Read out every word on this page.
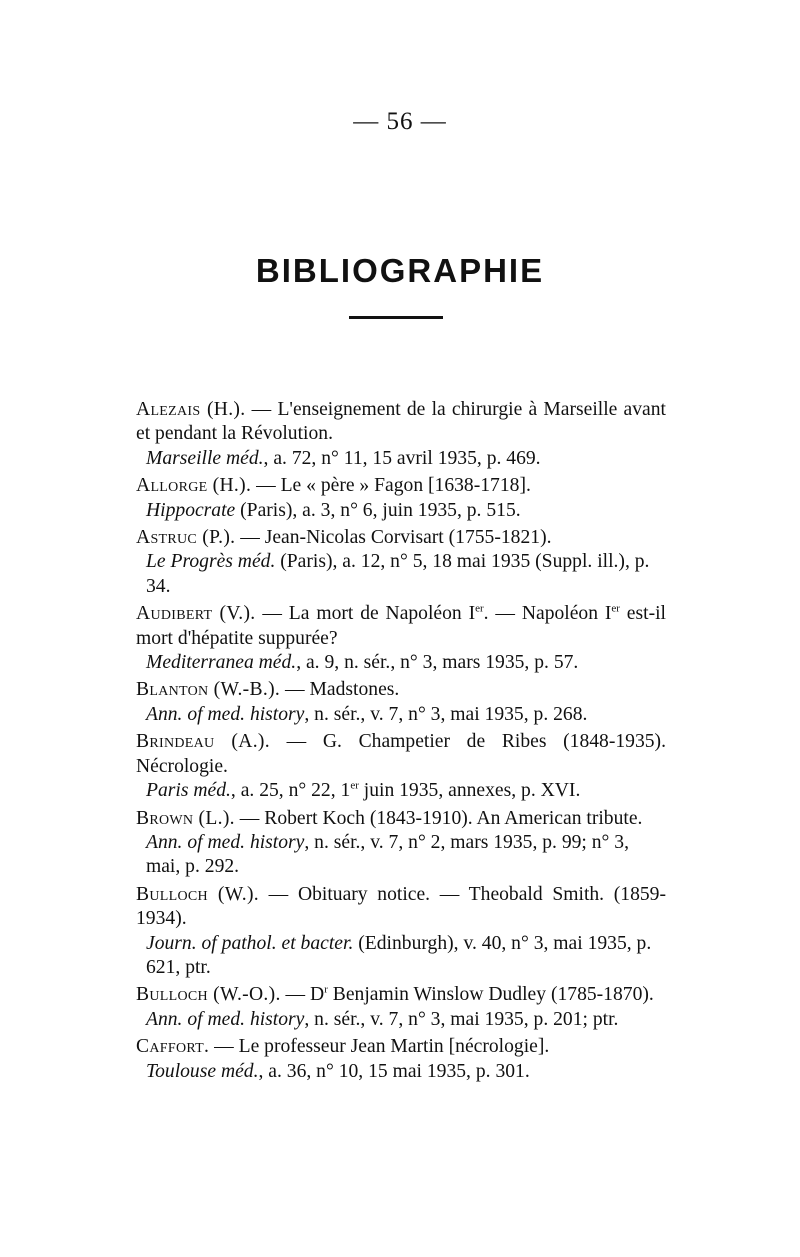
— 56 —
BIBLIOGRAPHIE

Alezais (H.). — L'enseignement de la chirurgie à Marseille avant et pendant la Révolution.

Marseille méd., a. 72, n° 11, 15 avril 1935, p. 469.

Allorge (H.). — Le « père » Fagon [1638-1718].

Hippocrate (Paris), a. 3, n° 6, juin 1935, p. 515.

Astruc (P.). — Jean-Nicolas Corvisart (1755-1821).

Le Progrès méd. (Paris), a. 12, n° 5, 18 mai 1935 (Suppl. ill.), p. 34.

Audibert (V.). — La mort de Napoléon Ier. — Napoléon Ier est-il mort d'hépatite suppurée?

Mediterranea méd., a. 9, n. sér., n° 3, mars 1935, p. 57.

Blanton (W.-B.). — Madstones.

Ann. of med. history, n. sér., v. 7, n° 3, mai 1935, p. 268.

Brindeau (A.). — G. Champetier de Ribes (1848-1935). Nécrologie.

Paris méd., a. 25, n° 22, 1er juin 1935, annexes, p. XVI.

Brown (L.). — Robert Koch (1843-1910). An American tribute.

Ann. of med. history, n. sér., v. 7, n° 2, mars 1935, p. 99; n° 3, mai, p. 292.

Bulloch (W.). — Obituary notice. — Theobald Smith. (1859-1934).

Journ. of pathol. et bacter. (Edinburgh), v. 40, n° 3, mai 1935, p. 621, ptr.

Bulloch (W.-O.). — $D^r$ Benjamin Winslow Dudley (1785-1870).

Ann. of med. history, n. sér., v. 7, n° 3, mai 1935, p. 201; ptr.

Caffort. — Le professeur Jean Martin [nécrologie].

Toulouse méd., a. 36, n° 10, 15 mai 1935, p. 301.
